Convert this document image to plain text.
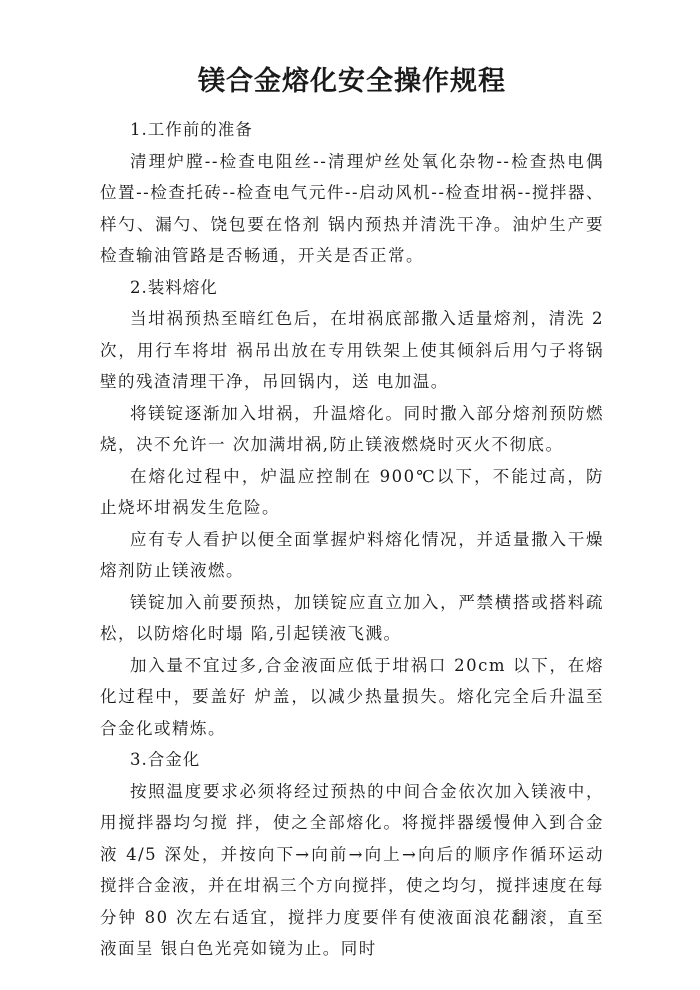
镁合金熔化安全操作规程

1.工作前的准备

清理炉膛--检查电阻丝--清理炉丝处氧化杂物--检查热电偶位置--检查托砖--检查电气元件--启动风机--检查坩祸--搅拌器、样勺、漏勺、饶包要在恪剂 锅内预热并清洗干净。油炉生产要检查输油管路是否畅通，开关是否正常。

2.装料熔化

当坩祸预热至暗红色后，在坩祸底部撒入适量熔剂，清洗 2 次，用行车将坩 祸吊出放在专用铁架上使其倾斜后用勺子将锅壁的残渣清理干净，吊回锅内，送 电加温。

将镁锭逐渐加入坩祸，升温熔化。同时撒入部分熔剂预防燃烧，决不允许一 次加满坩祸,防止镁液燃烧时灭火不彻底。

在熔化过程中，炉温应控制在 900℃以下，不能过高，防止烧坏坩祸发生危险。

应有专人看护以便全面掌握炉料熔化情况，并适量撒入干燥熔剂防止镁液燃。

镁锭加入前要预热，加镁锭应直立加入，严禁横搭或搭料疏松，以防熔化时塌 陷,引起镁液飞溅。

加入量不宜过多,合金液面应低于坩祸口 20cm 以下，在熔化过程中，要盖好 炉盖，以减少热量损失。熔化完全后升温至合金化或精炼。

3.合金化

按照温度要求必须将经过预热的中间合金依次加入镁液中，用搅拌器均匀搅 拌，使之全部熔化。将搅拌器缓慢伸入到合金液 4/5 深处，并按向下→向前→向上→向后的顺序作循环运动搅拌合金液，并在坩祸三个方向搅拌，使之均匀，搅拌速度在每分钟 80 次左右适宜，搅拌力度要伴有使液面浪花翻滚，直至液面呈 银白色光亮如镜为止。同时
